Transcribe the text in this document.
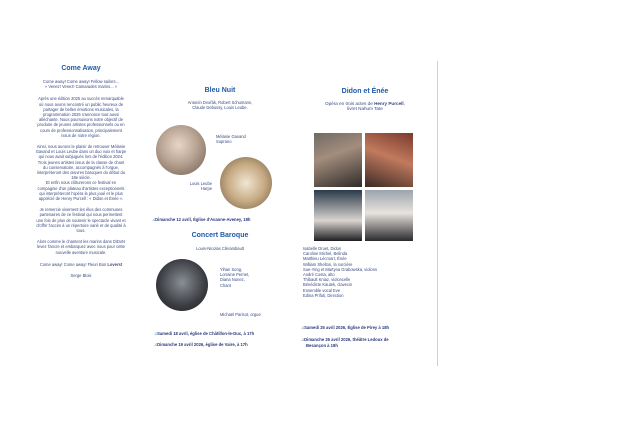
Come Away

Come away! Come away! Fellow sailors...

« Venez! Venez! Camarades marins... »

Après une édition 2025 au succès remarquable

où nous avons rencontré un public heureux de

partager de belles émotions musicales, la

programmation 2026 s'annonce tout aussi

alléchante. Nous poursuivons notre objectif de

produire de jeunes artistes professionnels ou en

cours de professionnalisation, principalement

issus de notre région.

Ainsi, nous aurons le plaisir de retrouver Mélanie

Gavand et Louis Leube dans un duo voix et harpe

qui nous avait subjugués lors de l'édition 2024.

Trois jeunes artistes issus de la classe de chant

du conservatoire, accompagnés à l'orgue,

interpréteront des œuvres baroques du début du

18e siècle.

Et enfin nous clôturerons ce festival en

compagnie d'un plateau d'artistes exceptionnels

qui interpréteront l'opéra le plus joué et le plus

apprécié de Henry Purcell : « Didon et Énée ».

Je remercie vivement les élus des communes

partenaires de ce festival qui nous permettent

une fois de plus de soutenir le spectacle vivant et

d'offrir l'accès à un répertoire varié et de qualité à

tous.

Alors comme le chantent les marins dans DiDoN

levez l'ancre et embarquez avec nous pour cette

nouvelle aventure musicale.

Come away! Come away! Fleuri Bon Loverst

Serge Blois

Bleu Nuit

Antonín Dvořák, Robert Schumann,

Claude Debussy, Louis Leube.

Mélanie Gavand
Soprano
Louis Leube
Harpe
♫Dimanche 12 avril, Église d'Avanne-Aveney, 18h
Concert Baroque
Louis-Nicolas Clérambault
Yihan Song,
Lorraine Pernet,
Diana Nunez,
Chant
Michaël Parisot, orgue
♫Samedi 18 avril, église de Châtillon-le-Duc, à 17h
♫Dimanche 19 avril 2026, église de Vaire, à 17h
Didon et Énée

Opéra en trois actes de Henry Purcell,

livret Nahum Tate

Isabelle Druet, Didon
Caroline Michel, Belinda
Matthieu Lécroart, Énée
William Shelton, la sorcière
Sue-Ying et Martyna Grabowska, violons
André Costa, alto
Thibault Kniaz, violoncelle
Bénédicte Kautek, clavecin
Ensemble vocal Eve
Edina Prifuti, Direction
♫Samedi 25 avril 2026, Église de Pirey à 18h
♫Dimanche 26 avril 2026, théâtre Ledoux de
Besançon à 18h
